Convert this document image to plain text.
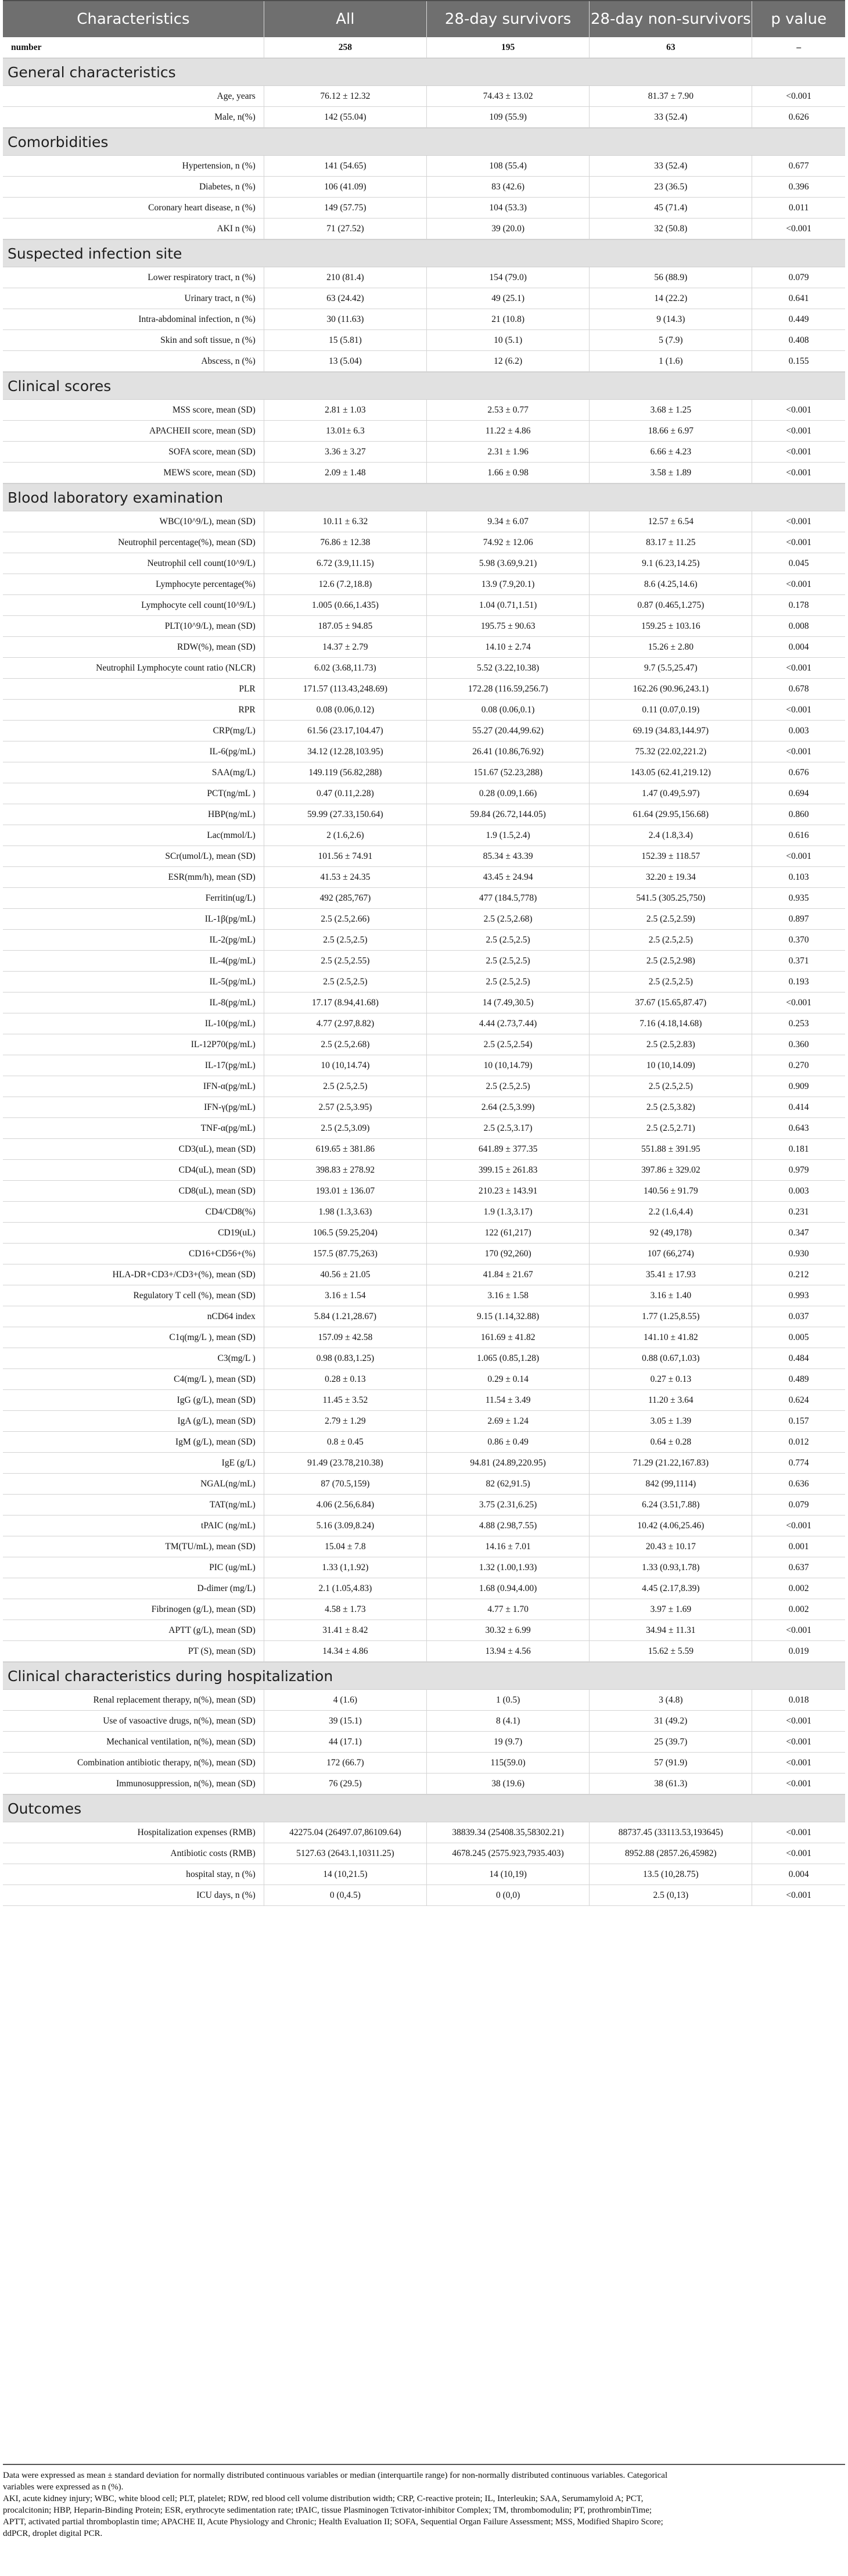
Characteristics	All	28-day survivors	28-day non-survivors	p value
number	258	195	63	–
General characteristics
Age, years	76.12 ± 12.32	74.43 ± 13.02	81.37 ± 7.90	<0.001
Male, n(%)	142 (55.04)	109 (55.9)	33 (52.4)	0.626
Comorbidities
Hypertension, n (%)	141 (54.65)	108 (55.4)	33 (52.4)	0.677
Diabetes, n (%)	106 (41.09)	83 (42.6)	23 (36.5)	0.396
Coronary heart disease, n (%)	149 (57.75)	104 (53.3)	45 (71.4)	0.011
AKI n (%)	71 (27.52)	39 (20.0)	32 (50.8)	<0.001
Suspected infection site
Lower respiratory tract, n (%)	210 (81.4)	154 (79.0)	56 (88.9)	0.079
Urinary tract, n (%)	63 (24.42)	49 (25.1)	14 (22.2)	0.641
Intra-abdominal infection, n (%)	30 (11.63)	21 (10.8)	9 (14.3)	0.449
Skin and soft tissue, n (%)	15 (5.81)	10 (5.1)	5 (7.9)	0.408
Abscess, n (%)	13 (5.04)	12 (6.2)	1 (1.6)	0.155
Clinical scores
MSS score, mean (SD)	2.81 ± 1.03	2.53 ± 0.77	3.68 ± 1.25	<0.001
APACHEII score, mean (SD)	13.01± 6.3	11.22 ± 4.86	18.66 ± 6.97	<0.001
SOFA score, mean (SD)	3.36 ± 3.27	2.31 ± 1.96	6.66 ± 4.23	<0.001
MEWS score, mean (SD)	2.09 ± 1.48	1.66 ± 0.98	3.58 ± 1.89	<0.001
Blood laboratory examination
WBC(10^9/L), mean (SD)	10.11 ± 6.32	9.34 ± 6.07	12.57 ± 6.54	<0.001
Neutrophil percentage(%), mean (SD)	76.86 ± 12.38	74.92 ± 12.06	83.17 ± 11.25	<0.001
Neutrophil cell count(10^9/L)	6.72 (3.9,11.15)	5.98 (3.69,9.21)	9.1 (6.23,14.25)	0.045
Lymphocyte percentage(%)	12.6 (7.2,18.8)	13.9 (7.9,20.1)	8.6 (4.25,14.6)	<0.001
Lymphocyte cell count(10^9/L)	1.005 (0.66,1.435)	1.04 (0.71,1.51)	0.87 (0.465,1.275)	0.178
PLT(10^9/L), mean (SD)	187.05 ± 94.85	195.75 ± 90.63	159.25 ± 103.16	0.008
RDW(%), mean (SD)	14.37 ± 2.79	14.10 ± 2.74	15.26 ± 2.80	0.004
Neutrophil Lymphocyte count ratio (NLCR)	6.02 (3.68,11.73)	5.52 (3.22,10.38)	9.7 (5.5,25.47)	<0.001
PLR	171.57 (113.43,248.69)	172.28 (116.59,256.7)	162.26 (90.96,243.1)	0.678
RPR	0.08 (0.06,0.12)	0.08 (0.06,0.1)	0.11 (0.07,0.19)	<0.001
CRP(mg/L)	61.56 (23.17,104.47)	55.27 (20.44,99.62)	69.19 (34.83,144.97)	0.003
IL-6(pg/mL)	34.12 (12.28,103.95)	26.41 (10.86,76.92)	75.32 (22.02,221.2)	<0.001
SAA(mg/L)	149.119 (56.82,288)	151.67 (52.23,288)	143.05 (62.41,219.12)	0.676
PCT(ng/mL )	0.47 (0.11,2.28)	0.28 (0.09,1.66)	1.47 (0.49,5.97)	0.694
HBP(ng/mL)	59.99 (27.33,150.64)	59.84 (26.72,144.05)	61.64 (29.95,156.68)	0.860
Lac(mmol/L)	2 (1.6,2.6)	1.9 (1.5,2.4)	2.4 (1.8,3.4)	0.616
SCr(umol/L), mean (SD)	101.56 ± 74.91	85.34 ± 43.39	152.39 ± 118.57	<0.001
ESR(mm/h), mean (SD)	41.53 ± 24.35	43.45 ± 24.94	32.20 ± 19.34	0.103
Ferritin(ug/L)	492 (285,767)	477 (184.5,778)	541.5 (305.25,750)	0.935
IL-1β(pg/mL)	2.5 (2.5,2.66)	2.5 (2.5,2.68)	2.5 (2.5,2.59)	0.897
IL-2(pg/mL)	2.5 (2.5,2.5)	2.5 (2.5,2.5)	2.5 (2.5,2.5)	0.370
IL-4(pg/mL)	2.5 (2.5,2.55)	2.5 (2.5,2.5)	2.5 (2.5,2.98)	0.371
IL-5(pg/mL)	2.5 (2.5,2.5)	2.5 (2.5,2.5)	2.5 (2.5,2.5)	0.193
IL-8(pg/mL)	17.17 (8.94,41.68)	14 (7.49,30.5)	37.67 (15.65,87.47)	<0.001
IL-10(pg/mL)	4.77 (2.97,8.82)	4.44 (2.73,7.44)	7.16 (4.18,14.68)	0.253
IL-12P70(pg/mL)	2.5 (2.5,2.68)	2.5 (2.5,2.54)	2.5 (2.5,2.83)	0.360
IL-17(pg/mL)	10 (10,14.74)	10 (10,14.79)	10 (10,14.09)	0.270
IFN-α(pg/mL)	2.5 (2.5,2.5)	2.5 (2.5,2.5)	2.5 (2.5,2.5)	0.909
IFN-γ(pg/mL)	2.57 (2.5,3.95)	2.64 (2.5,3.99)	2.5 (2.5,3.82)	0.414
TNF-α(pg/mL)	2.5 (2.5,3.09)	2.5 (2.5,3.17)	2.5 (2.5,2.71)	0.643
CD3(uL), mean (SD)	619.65 ± 381.86	641.89 ± 377.35	551.88 ± 391.95	0.181
CD4(uL), mean (SD)	398.83 ± 278.92	399.15 ± 261.83	397.86 ± 329.02	0.979
CD8(uL), mean (SD)	193.01 ± 136.07	210.23 ± 143.91	140.56 ± 91.79	0.003
CD4/CD8(%)	1.98 (1.3,3.63)	1.9 (1.3,3.17)	2.2 (1.6,4.4)	0.231
CD19(uL)	106.5 (59.25,204)	122 (61,217)	92 (49,178)	0.347
CD16+CD56+(%)	157.5 (87.75,263)	170 (92,260)	107 (66,274)	0.930
HLA-DR+CD3+/CD3+(%), mean (SD)	40.56 ± 21.05	41.84 ± 21.67	35.41 ± 17.93	0.212
Regulatory T cell (%), mean (SD)	3.16 ± 1.54	3.16 ± 1.58	3.16 ± 1.40	0.993
nCD64 index	5.84 (1.21,28.67)	9.15 (1.14,32.88)	1.77 (1.25,8.55)	0.037
C1q(mg/L ), mean (SD)	157.09 ± 42.58	161.69 ± 41.82	141.10 ± 41.82	0.005
C3(mg/L )	0.98 (0.83,1.25)	1.065 (0.85,1.28)	0.88 (0.67,1.03)	0.484
C4(mg/L ), mean (SD)	0.28 ± 0.13	0.29 ± 0.14	0.27 ± 0.13	0.489
IgG (g/L), mean (SD)	11.45 ± 3.52	11.54 ± 3.49	11.20 ± 3.64	0.624
IgA (g/L), mean (SD)	2.79 ± 1.29	2.69 ± 1.24	3.05 ± 1.39	0.157
IgM (g/L), mean (SD)	0.8 ± 0.45	0.86 ± 0.49	0.64 ± 0.28	0.012
IgE (g/L)	91.49 (23.78,210.38)	94.81 (24.89,220.95)	71.29 (21.22,167.83)	0.774
NGAL(ng/mL)	87 (70.5,159)	82 (62,91.5)	842 (99,1114)	0.636
TAT(ng/mL)	4.06 (2.56,6.84)	3.75 (2.31,6.25)	6.24 (3.51,7.88)	0.079
tPAIC (ng/mL)	5.16 (3.09,8.24)	4.88 (2.98,7.55)	10.42 (4.06,25.46)	<0.001
TM(TU/mL), mean (SD)	15.04 ± 7.8	14.16 ± 7.01	20.43 ± 10.17	0.001
PIC (ug/mL)	1.33 (1,1.92)	1.32 (1.00,1.93)	1.33 (0.93,1.78)	0.637
D-dimer (mg/L)	2.1 (1.05,4.83)	1.68 (0.94,4.00)	4.45 (2.17,8.39)	0.002
Fibrinogen (g/L), mean (SD)	4.58 ± 1.73	4.77 ± 1.70	3.97 ± 1.69	0.002
APTT (g/L), mean (SD)	31.41 ± 8.42	30.32 ± 6.99	34.94 ± 11.31	<0.001
PT (S), mean (SD)	14.34 ± 4.86	13.94 ± 4.56	15.62 ± 5.59	0.019
Clinical characteristics during hospitalization
Renal replacement therapy, n(%), mean (SD)	4 (1.6)	1 (0.5)	3 (4.8)	0.018
Use of vasoactive drugs, n(%), mean (SD)	39 (15.1)	8 (4.1)	31 (49.2)	<0.001
Mechanical ventilation, n(%), mean (SD)	44 (17.1)	19 (9.7)	25 (39.7)	<0.001
Combination antibiotic therapy, n(%), mean (SD)	172 (66.7)	115(59.0)	57 (91.9)	<0.001
Immunosuppression, n(%), mean (SD)	76 (29.5)	38 (19.6)	38 (61.3)	<0.001
Outcomes
Hospitalization expenses (RMB)	42275.04 (26497.07,86109.64)	38839.34 (25408.35,58302.21)	88737.45 (33113.53,193645)	<0.001
Antibiotic costs (RMB)	5127.63 (2643.1,10311.25)	4678.245 (2575.923,7935.403)	8952.88 (2857.26,45982)	<0.001
hospital stay, n (%)	14 (10,21.5)	14 (10,19)	13.5 (10,28.75)	0.004
ICU days, n (%)	0 (0,4.5)	0 (0,0)	2.5 (0,13)	<0.001

Data were expressed as mean ± standard deviation for normally distributed continuous variables or median (interquartile range) for non-normally distributed continuous variables. Categorical

variables were expressed as n (%).

AKI, acute kidney injury; WBC, white blood cell; PLT, platelet; RDW, red blood cell volume distribution width; CRP, C-reactive protein; IL, Interleukin; SAA, Serumamyloid A; PCT,

procalcitonin; HBP, Heparin-Binding Protein; ESR, erythrocyte sedimentation rate; tPAIC, tissue Plasminogen Tctivator-inhibitor Complex; TM, thrombomodulin; PT, prothrombinTime;

APTT, activated partial thromboplastin time; APACHE II, Acute Physiology and Chronic; Health Evaluation II; SOFA, Sequential Organ Failure Assessment; MSS, Modified Shapiro Score;

ddPCR, droplet digital PCR.
